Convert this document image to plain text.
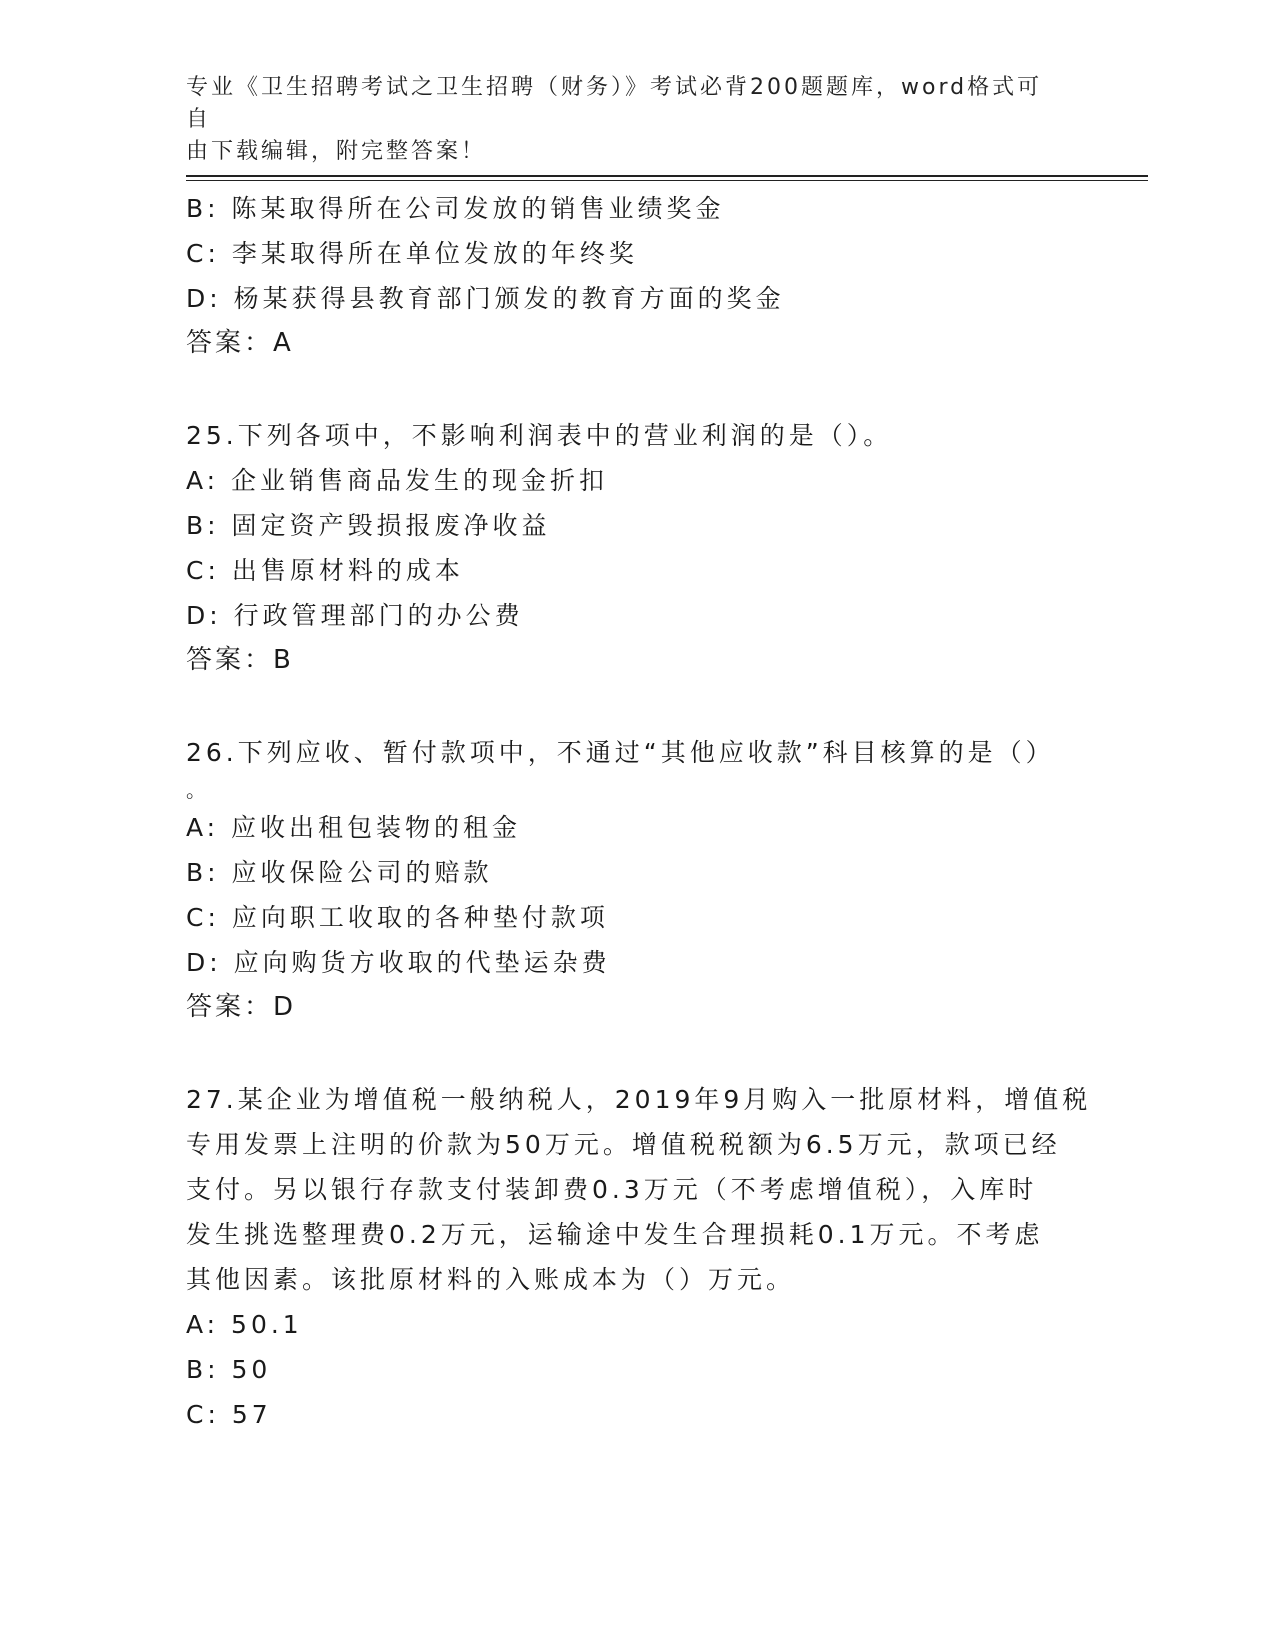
专业《卫生招聘考试之卫生招聘（财务）》考试必背200题题库，word格式可自
由下载编辑，附完整答案！
B: 陈某取得所在公司发放的销售业绩奖金
C: 李某取得所在单位发放的年终奖
D: 杨某获得县教育部门颁发的教育方面的奖金
答案：A
25.下列各项中，不影响利润表中的营业利润的是（）。
A: 企业销售商品发生的现金折扣
B: 固定资产毁损报废净收益
C: 出售原材料的成本
D: 行政管理部门的办公费
答案：B
26.下列应收、暂付款项中，不通过“其他应收款”科目核算的是（）
。
A: 应收出租包装物的租金
B: 应收保险公司的赔款
C: 应向职工收取的各种垫付款项
D: 应向购货方收取的代垫运杂费
答案：D
27.某企业为增值税一般纳税人，2019年9月购入一批原材料，增值税
专用发票上注明的价款为50万元。增值税税额为6.5万元，款项已经
支付。另以银行存款支付装卸费0.3万元（不考虑增值税），入库时
发生挑选整理费0.2万元，运输途中发生合理损耗0.1万元。不考虑
其他因素。该批原材料的入账成本为（）万元。
A: 50.1
B: 50
C: 57
